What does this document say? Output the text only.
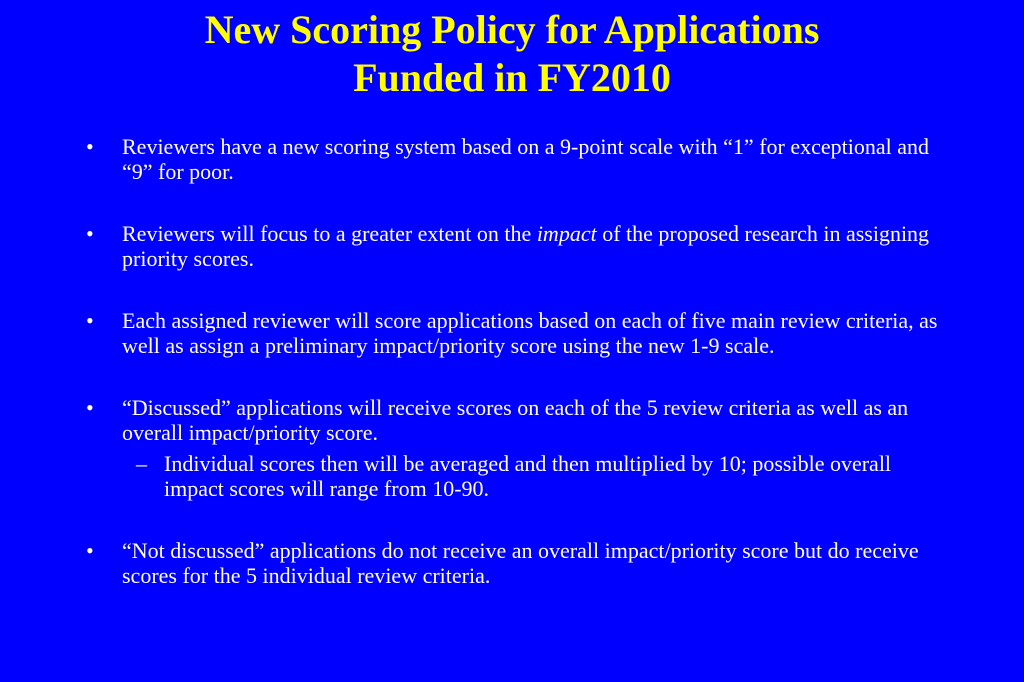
New Scoring Policy for Applications
Funded in FY2010
• Reviewers have a new scoring system based on a 9-point scale with “1” for exceptional and “9” for poor.
• Reviewers will focus to a greater extent on the impact of the proposed research in assigning priority scores.
• Each assigned reviewer will score applications based on each of five main review criteria, as well as assign a preliminary impact/priority score using the new 1-9 scale.
• “Discussed” applications will receive scores on each of the 5 review criteria as well as an overall impact/priority score.
– Individual scores then will be averaged and then multiplied by 10; possible overall impact scores will range from 10-90.
• “Not discussed” applications do not receive an overall impact/priority score but do receive scores for the 5 individual review criteria.
